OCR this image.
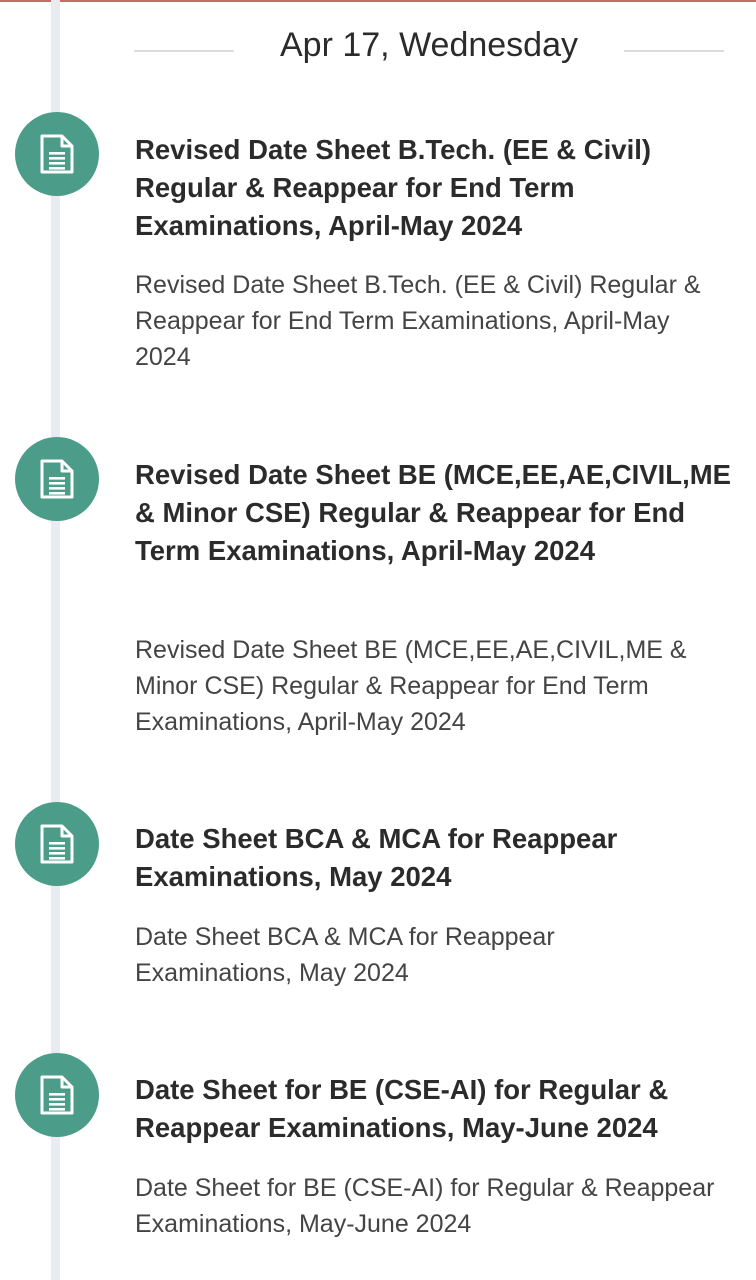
Apr 17, Wednesday
Revised Date Sheet B.Tech. (EE & Civil) Regular & Reappear for End Term Examinations, April-May 2024
Revised Date Sheet B.Tech. (EE & Civil) Regular & Reappear for End Term Examinations, April-May 2024
Revised Date Sheet BE (MCE,EE,AE,CIVIL,ME & Minor CSE) Regular & Reappear for End Term Examinations, April-May 2024
Revised Date Sheet BE (MCE,EE,AE,CIVIL,ME & Minor CSE) Regular & Reappear for End Term Examinations, April-May 2024
Date Sheet BCA & MCA for Reappear Examinations, May 2024
Date Sheet BCA & MCA for Reappear Examinations, May 2024
Date Sheet for BE (CSE-AI) for Regular & Reappear Examinations, May-June 2024
Date Sheet for BE (CSE-AI) for Regular & Reappear Examinations, May-June 2024
